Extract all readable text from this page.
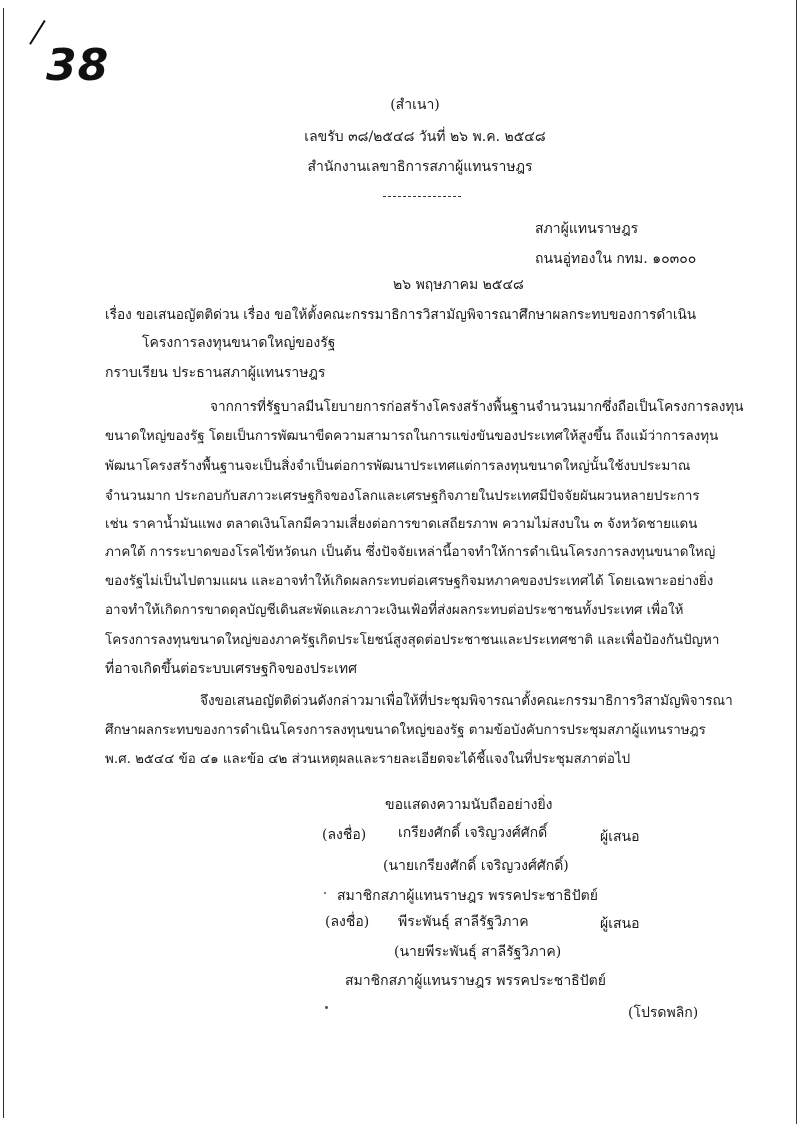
38
(สำเนา)
เลขรับ ๓๘/๒๕๔๘ วันที่ ๒๖ พ.ค. ๒๕๔๘
สำนักงานเลขาธิการสภาผู้แทนราษฎร
สภาผู้แทนราษฎร
ถนนอู่ทองใน กทม. ๑๐๓๐๐
๒๖ พฤษภาคม ๒๕๔๘
เรื่อง ขอเสนอญัตติด่วน เรื่อง ขอให้ตั้งคณะกรรมาธิการวิสามัญพิจารณาศึกษาผลกระทบของการดำเนิน
โครงการลงทุนขนาดใหญ่ของรัฐ
กราบเรียน ประธานสภาผู้แทนราษฎร
จากการที่รัฐบาลมีนโยบายการก่อสร้างโครงสร้างพื้นฐานจำนวนมากซึ่งถือเป็นโครงการลงทุน
ขนาดใหญ่ของรัฐ โดยเป็นการพัฒนาขีดความสามารถในการแข่งขันของประเทศให้สูงขึ้น ถึงแม้ว่าการลงทุน
พัฒนาโครงสร้างพื้นฐานจะเป็นสิ่งจำเป็นต่อการพัฒนาประเทศแต่การลงทุนขนาดใหญ่นั้นใช้งบประมาณ
จำนวนมาก ประกอบกับสภาวะเศรษฐกิจของโลกและเศรษฐกิจภายในประเทศมีปัจจัยผันผวนหลายประการ
เช่น ราคาน้ำมันแพง ตลาดเงินโลกมีความเสี่ยงต่อการขาดเสถียรภาพ ความไม่สงบใน ๓ จังหวัดชายแดน
ภาคใต้ การระบาดของโรคไข้หวัดนก เป็นต้น ซึ่งปัจจัยเหล่านี้อาจทำให้การดำเนินโครงการลงทุนขนาดใหญ่
ของรัฐไม่เป็นไปตามแผน และอาจทำให้เกิดผลกระทบต่อเศรษฐกิจมหภาคของประเทศได้ โดยเฉพาะอย่างยิ่ง
อาจทำให้เกิดการขาดดุลบัญชีเดินสะพัดและภาวะเงินเฟ้อที่ส่งผลกระทบต่อประชาชนทั้งประเทศ เพื่อให้
โครงการลงทุนขนาดใหญ่ของภาครัฐเกิดประโยชน์สูงสุดต่อประชาชนและประเทศชาติ และเพื่อป้องกันปัญหา
ที่อาจเกิดขึ้นต่อระบบเศรษฐกิจของประเทศ
จึงขอเสนอญัตติด่วนดังกล่าวมาเพื่อให้ที่ประชุมพิจารณาตั้งคณะกรรมาธิการวิสามัญพิจารณา
ศึกษาผลกระทบของการดำเนินโครงการลงทุนขนาดใหญ่ของรัฐ ตามข้อบังคับการประชุมสภาผู้แทนราษฎร
พ.ศ. ๒๕๔๔ ข้อ ๔๑ และข้อ ๔๒ ส่วนเหตุผลและรายละเอียดจะได้ชี้แจงในที่ประชุมสภาต่อไป
ขอแสดงความนับถืออย่างยิ่ง
(ลงชื่อ) เกรียงศักดิ์ เจริญวงศ์ศักดิ์	ผู้เสนอ
(นายเกรียงศักดิ์ เจริญวงศ์ศักดิ์)
สมาชิกสภาผู้แทนราษฎร พรรคประชาธิปัตย์
(ลงชื่อ) พีระพันธุ์ สาลีรัฐวิภาค	ผู้เสนอ
(นายพีระพันธุ์ สาลีรัฐวิภาค)
สมาชิกสภาผู้แทนราษฎร พรรคประชาธิปัตย์
(โปรดพลิก)
